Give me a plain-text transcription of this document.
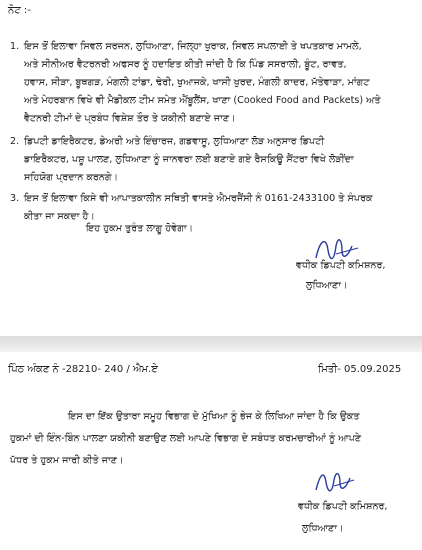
ਨੋਟ :-
1. ਇਸ ਤੋਂ ਇਲਾਵਾ ਸਿਵਲ ਸਰਜਨ, ਲੁਧਿਆਣਾ, ਜਿਲ੍ਹਾ ਖੁਰਾਕ, ਸਿਵਲ ਸਪਲਾਈ ਤੇ ਖਪਤਕਾਰ ਮਾਮਲੇ,
ਅਤੇ ਸੀਨੀਅਰ ਵੈਟਰਨਰੀ ਅਫਸਰ ਨੂੰ ਹਦਾਇਤ ਕੀਤੀ ਜਾਂਦੀ ਹੈ ਕਿ ਪਿੰਡ ਸਸਰਾਲੀ, ਬੂੰਟ, ਰਾਵਤ,
ਹਵਾਸ, ਸੀੜਾ, ਬੂਥਗੜ, ਮੰਗਲੀ ਟਾਂਡਾ, ਢੇਰੀ, ਖੁਆਜਕੇ, ਖਾਸੀ ਖੁਰਦ, ਮੰਗਲੀ ਕਾਦਰ, ਮੱਤੇਵਾੜਾ, ਮਾਂਗਟ
ਅਤੇ ਮੇਹਰਬਾਨ ਵਿਖੇ ਵੀ ਮੈਡੀਕਲ ਟੀਮ ਸਮੇਤ ਐਂਬੂਲੈਂਸ, ਖਾਣਾ (Cooked Food and Packets) ਅਤੇ
ਵੈਟਨਰੀ ਟੀਮਾਂ ਦੇ ਪ੍ਰਬੰਧ ਵਿਸ਼ੇਸ਼ ਤੌਰ ਤੇ ਯਕੀਨੀ ਬਣਾਏ ਜਾਣ।
2. ਡਿਪਟੀ ਡਾਇਰੈਕਟਰ, ਡੇਅਰੀ ਅਤੇ ਇੰਚਾਰਜ, ਗਡਵਾਸੂ, ਲੁਧਿਆਣਾ ਲੋੜ ਅਨੁਸਾਰ ਡਿਪਟੀ
ਡਾਇਰੈਕਟਰ, ਪਸ਼ੂ ਪਾਲਣ, ਲੁਧਿਆਣਾ ਨੂੰ ਜਾਨਵਰਾ ਲਈ ਬਣਾਏ ਗਏ ਰੈਸਕਿਊ ਸੈਂਟਰਾ ਵਿਖੇ ਲੋੜੀਂਦਾ
ਸਹਿਯੋਗ ਪ੍ਰਦਾਨ ਕਰਨਗੇ।
3. ਇਸ ਤੋਂ ਇਲਾਵਾ ਕਿਸੇ ਵੀ ਆਪਾਤਕਾਲੀਨ ਸਥਿਤੀ ਵਾਸਤੇ ਐਮਰਜੈਂਸੀ ਨੰ 0161-2433100 ਤੇ ਸੰਪਰਕ
ਕੀਤਾ ਜਾ ਸਕਦਾ ਹੈ।
ਇਹ ਹੁਕਮ ਤੁਰੰਤ ਲਾਗੂ ਹੋਵੇਗਾ।
ਵਧੀਕ ਡਿਪਟੀ ਕਮਿਸ਼ਨਰ,
ਲੁਧਿਆਣਾ।
ਪਿੰਠ ਅੰਕਣ ਨੰ -28210- 240 / ਐਮ.ਏ	ਮਿਤੀ- 05.09.2025
ਇਸ ਦਾ ਇੱਕ ਉਤਾਰਾ ਸਮੂਹ ਵਿਭਾਗ ਦੇ ਮੁੱਖਿਆ ਨੂੰ ਭੇਜ ਕੇ ਲਿਖਿਆ ਜਾਂਦਾ ਹੈ ਕਿ ਉਕਤ
ਹੁਕਮਾਂ ਦੀ ਇੰਨ-ਬਿੰਨ ਪਾਲਣਾ ਯਕੀਨੀ ਬਣਾਉਣ ਲਈ ਆਪਣੇ ਵਿਭਾਗ ਦੇ ਸਬੰਧਤ ਕਰਮਚਾਰੀਆਂ ਨੂੰ ਆਪਣੇ
ਪੱਧਰ ਤੇ ਹੁਕਮ ਜਾਰੀ ਕੀਤੇ ਜਾਣ।
ਵਧੀਕ ਡਿਪਟੀ ਕਮਿਸ਼ਨਰ,
ਲੁਧਿਆਣਾ।
